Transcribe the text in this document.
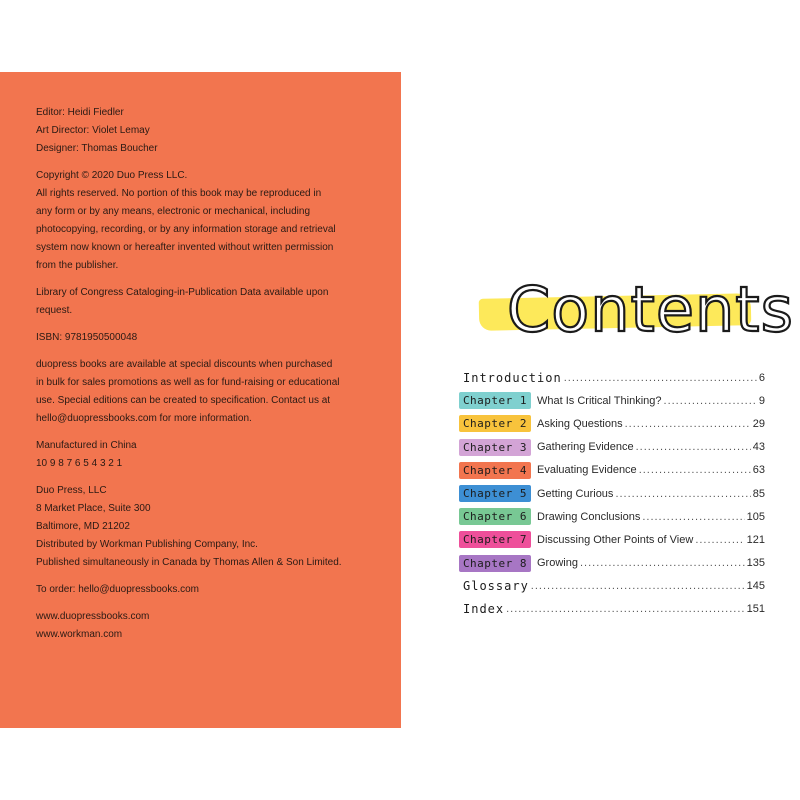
Editor: Heidi Fiedler
Art Director: Violet Lemay
Designer: Thomas Boucher

Copyright © 2020 Duo Press LLC.
All rights reserved. No portion of this book may be reproduced in
any form or by any means, electronic or mechanical, including
photocopying, recording, or by any information storage and retrieval
system now known or hereafter invented without written permission
from the publisher.

Library of Congress Cataloging-in-Publication Data available upon
request.

ISBN: 9781950500048

duopress books are available at special discounts when purchased
in bulk for sales promotions as well as for fund-raising or educational
use. Special editions can be created to specification. Contact us at
hello@duopressbooks.com for more information.

Manufactured in China
10 9 8 7 6 5 4 3 2 1

Duo Press, LLC
8 Market Place, Suite 300
Baltimore, MD 21202
Distributed by Workman Publishing Company, Inc.
Published simultaneously in Canada by Thomas Allen & Son Limited.

To order: hello@duopressbooks.com

www.duopressbooks.com
www.workman.com

Contents
Introduction .....	6
Chapter 1 What Is Critical Thinking? .....	9
Chapter 2 Asking Questions .....	29
Chapter 3 Gathering Evidence .....	43
Chapter 4 Evaluating Evidence .....	63
Chapter 5 Getting Curious .....	85
Chapter 6 Drawing Conclusions .....	105
Chapter 7 Discussing Other Points of View .....	121
Chapter 8 Growing .....	135
Glossary .....	145
Index .....	151
